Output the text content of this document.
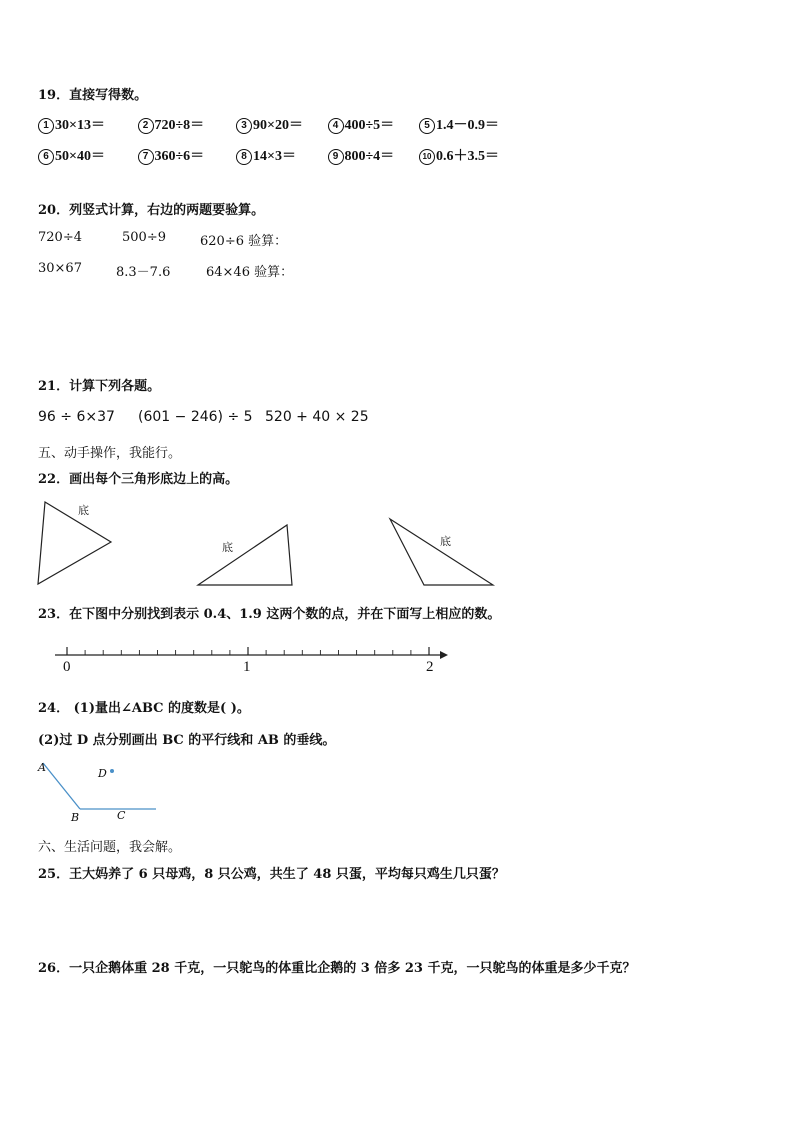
19．直接写得数。
1 30×13＝	2 720÷8＝	3 90×20＝	4 400÷5＝	5 1.4－0.9＝
6 50×40＝	7 360÷6＝	8 14×3＝	9 800÷4＝	10 0.6＋3.5＝
20．列竖式计算，右边的两题要验算。
720÷4	500÷9	620÷6 验算：
30×67	8.3－7.6	64×46 验算：
21．计算下列各题。
96 ÷ 6×37 (601 − 246) ÷ 5 520 + 40 × 25
五、动手操作，我能行。
22．画出每个三角形底边上的高。
底
底	底
23．在下图中分别找到表示 0.4、1.9 这两个数的点，并在下面写上相应的数。
0	1	2
24． (1)量出∠ABC 的度数是( )。
(2)过 D 点分别画出 BC 的平行线和 AB 的垂线。
A	D
B	C
六、生活问题，我会解。
25．王大妈养了 6 只母鸡，8 只公鸡，共生了 48 只蛋，平均每只鸡生几只蛋？
26．一只企鹅体重 28 千克，一只鸵鸟的体重比企鹅的 3 倍多 23 千克，一只鸵鸟的体重是多少千克？
